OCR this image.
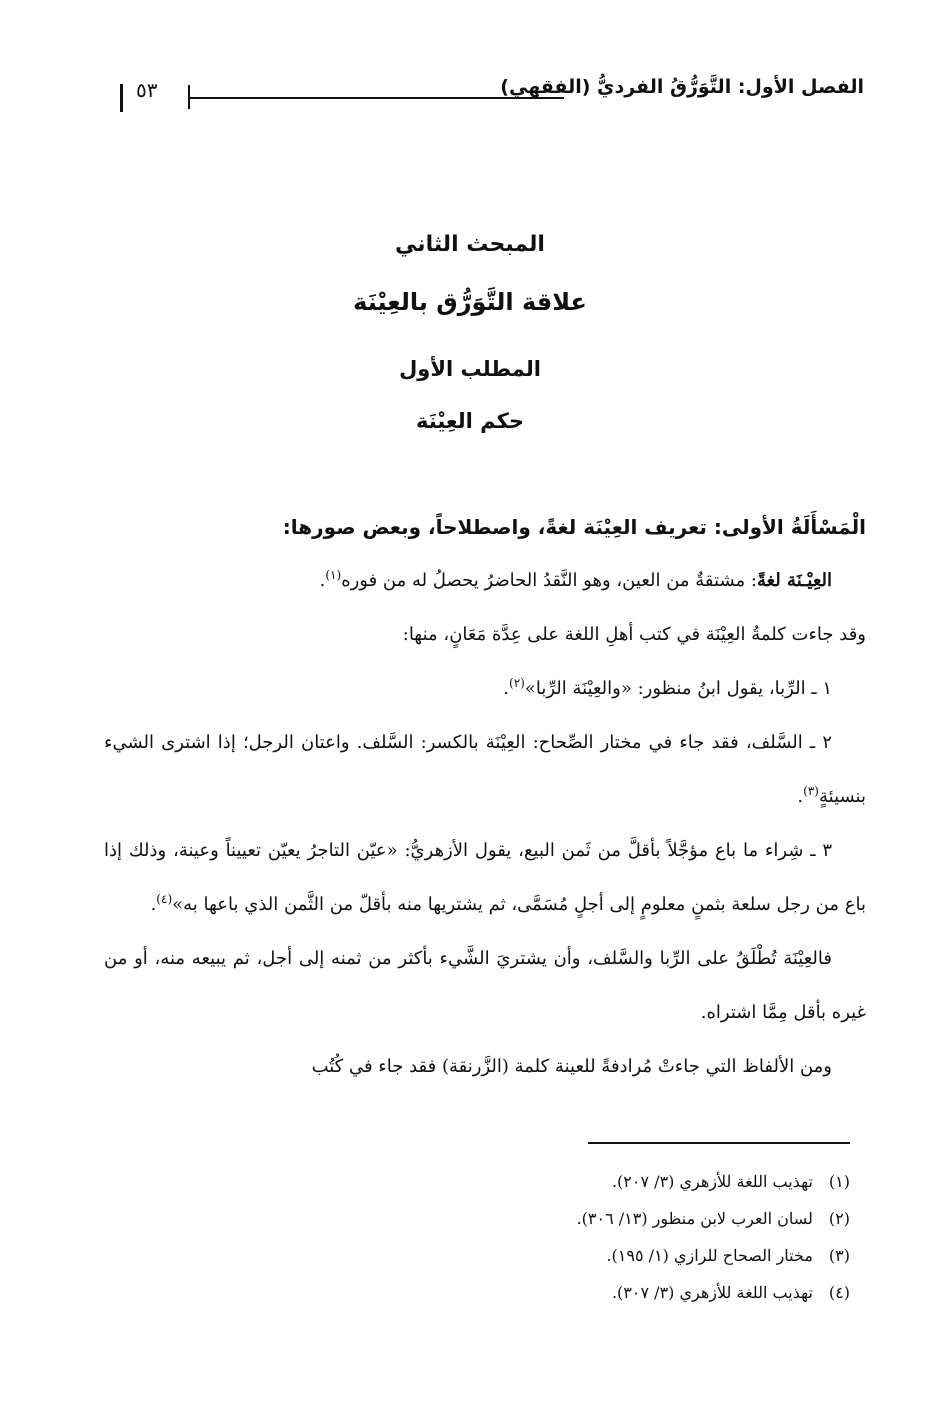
٥٣	الفصل الأول: التَّوَرُّقُ الفرديُّ (الفقهي)

المبحث الثاني

علاقة التَّوَرُّق بالعِيْنَة

المطلب الأول

حكم العِيْنَة

الْمَسْأَلَةُ الأولى: تعريف العِيْنَة لغةً، واصطلاحاً، وبعض صورها:

العِيْـنَة لغةً: مشتقةٌ من العين، وهو النَّقدُ الحاضرُ يحصلُ له من فوره$^{(١)}$.

وقد جاءت كلمةُ العِيْنَة في كتب أهلِ اللغة على عِدَّة مَعَانٍ، منها:

١ ـ الرِّبا، يقول ابنُ منظور: «والعِيْنَة الرِّبا»$^{(٢)}$.

٢ ـ السَّلف، فقد جاء في مختار الصِّحاح: العِيْنَة بالكسر: السَّلف. واعتان الرجل؛ إذا اشترى الشيء بنسيئةٍ$^{(٣)}$.

٣ ـ شِراء ما باع مؤجَّلاً بأقلَّ من ثَمن البيع، يقول الأزهريُّ: «عيّن التاجرُ يعيّن تعييناً وعينة، وذلك إذا باع من رجل سلعة بثمنٍ معلومٍ إلى أجلٍ مُسَمَّى، ثم يشتريها منه بأقلّ من الثَّمن الذي باعها به»$^{(٤)}$.

فالعِيْنَة تُطْلَقُ على الرِّبا والسَّلف، وأن يشتريَ الشَّيء بأكثر من ثمنه إلى أجل، ثم يبيعه منه، أو من غيره بأقل مِمَّا اشتراه.

ومن الألفاظ التي جاءتْ مُرادفةً للعينة كلمة (الزَّرنقة) فقد جاء في كُتُب

(١) تهذيب اللغة للأزهري (٣/ ٢٠٧).
(٢) لسان العرب لابن منظور (١٣/ ٣٠٦).
(٣) مختار الصحاح للرازي (١/ ١٩٥).
(٤) تهذيب اللغة للأزهري (٣/ ٣٠٧).
